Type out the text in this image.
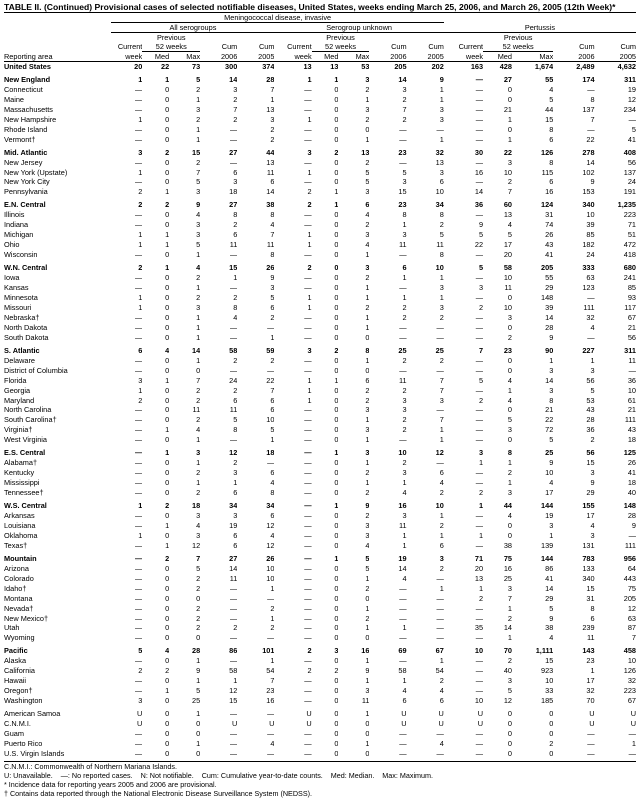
TABLE II. (Continued) Provisional cases of selected notifiable diseases, United States, weeks ending March 25, 2006, and March 26, 2005 (12th Week)*
	Meningococcal disease, invasive														
	All serogroups					Serogroup unknown					Pertussis				
		Previous					Previous					Previous			
	Current	52 weeks		Cum	Cum	Current	52 weeks		Cum	Cum	Current	52 weeks		Cum	Cum
Reporting area	week	Med	Max	2006	2005	week	Med	Max	2006	2005	week	Med	Max	2006	2005
United States	20	22	73	300	374	13	13	53	205	202	163	428	1,674	2,489	4,632

New England	1	1	5	14	28	1	1	3	14	9	—	27	55	174	311
Connecticut	—	0	2	3	7	—	0	2	3	1	—	0	4	—	19
Maine	—	0	1	2	1	—	0	1	2	1	—	0	5	8	12
Massachusetts	—	0	3	7	13	—	0	3	7	3	—	21	44	137	234
New Hampshire	1	0	2	2	3	1	0	2	2	3	—	1	15	7	—
Rhode Island	—	0	1	—	2	—	0	0	—	—	—	0	8	—	5
Vermont†	—	0	1	—	2	—	0	1	—	1	—	1	6	22	41

Mid. Atlantic	3	2	15	27	44	3	2	13	23	32	30	22	126	278	408
New Jersey	—	0	2	—	13	—	0	2	—	13	—	3	8	14	56
New York (Upstate)	1	0	7	6	11	1	0	5	5	3	16	10	115	102	137
New York City	—	0	5	3	6	—	0	5	3	6	—	2	6	9	24
Pennsylvania	2	1	3	18	14	2	1	3	15	10	14	7	16	153	191

E.N. Central	2	2	9	27	38	2	1	6	23	34	36	60	124	340	1,235
Illinois	—	0	4	8	8	—	0	4	8	8	—	13	31	10	223
Indiana	—	0	3	2	4	—	0	2	1	2	9	4	74	39	71
Michigan	1	1	3	6	7	1	0	3	3	5	5	5	26	85	51
Ohio	1	1	5	11	11	1	0	4	11	11	22	17	43	182	472
Wisconsin	—	0	1	—	8	—	0	1	—	8	—	20	41	24	418

W.N. Central	2	1	4	15	26	2	0	3	6	10	5	58	205	333	680
Iowa	—	0	2	1	9	—	0	2	1	1	—	10	55	63	241
Kansas	—	0	1	—	3	—	0	1	—	3	3	11	29	123	85
Minnesota	1	0	2	2	5	1	0	1	1	1	—	0	148	—	93
Missouri	1	0	3	8	6	1	0	2	2	3	2	10	39	111	117
Nebraska†	—	0	1	4	2	—	0	1	2	2	—	3	14	32	67
North Dakota	—	0	1	—	—	—	0	1	—	—	—	0	28	4	21
South Dakota	—	0	1	—	1	—	0	0	—	—	—	2	9	—	56

S. Atlantic	6	4	14	58	59	3	2	8	25	25	7	23	90	227	311
Delaware	—	0	1	2	2	—	0	1	2	2	—	0	1	1	11
District of Columbia	—	0	0	—	—	—	0	0	—	—	—	0	3	3	—
Florida	3	1	7	24	22	1	1	6	11	7	5	4	14	56	36
Georgia	1	0	2	2	7	1	0	2	2	7	—	1	3	5	10
Maryland	2	0	2	6	6	1	0	2	3	3	2	4	8	53	61
North Carolina	—	0	11	11	6	—	0	3	3	—	—	0	21	43	21
South Carolina†	—	0	2	5	10	—	0	1	2	7	—	5	22	28	111
Virginia†	—	1	4	8	5	—	0	3	2	1	—	3	72	36	43
West Virginia	—	0	1	—	1	—	0	1	—	1	—	0	5	2	18

E.S. Central	—	1	3	12	18	—	1	3	10	12	3	8	25	56	125
Alabama†	—	0	1	2	—	—	0	1	2	—	1	1	9	15	26
Kentucky	—	0	2	3	6	—	0	2	3	6	—	2	10	3	41
Mississippi	—	0	1	1	4	—	0	1	1	4	—	1	4	9	18
Tennessee†	—	0	2	6	8	—	0	2	4	2	2	3	17	29	40

W.S. Central	1	2	18	34	34	—	1	9	16	10	1	44	144	155	148
Arkansas	—	0	3	3	6	—	0	2	3	1	—	4	19	17	28
Louisiana	—	1	4	19	12	—	0	3	11	2	—	0	3	4	9
Oklahoma	1	0	3	6	4	—	0	3	1	1	1	0	1	3	—
Texas†	—	1	12	6	12	—	0	4	1	6	—	38	139	131	111

Mountain	—	2	7	27	26	—	1	5	19	3	71	75	144	783	956
Arizona	—	0	5	14	10	—	0	5	14	2	20	16	86	133	64
Colorado	—	0	2	11	10	—	0	1	4	—	13	25	41	340	443
Idaho†	—	0	2	—	1	—	0	2	—	1	1	3	14	15	75
Montana	—	0	0	—	—	—	0	0	—	—	2	7	29	31	205
Nevada†	—	0	2	—	2	—	0	1	—	—	—	1	5	8	12
New Mexico†	—	0	2	—	1	—	0	2	—	—	—	2	9	6	63
Utah	—	0	2	2	2	—	0	1	1	—	35	14	38	239	87
Wyoming	—	0	0	—	—	—	0	0	—	—	—	1	4	11	7

Pacific	5	4	28	86	101	2	3	16	69	67	10	70	1,111	143	458
Alaska	—	0	1	—	1	—	0	1	—	1	—	2	15	23	10
California	2	2	9	58	54	2	2	9	58	54	—	40	923	1	126
Hawaii	—	0	1	1	7	—	0	1	1	2	—	3	10	17	32
Oregon†	—	1	5	12	23	—	0	3	4	4	—	5	33	32	223
Washington	3	0	25	15	16	—	0	11	6	6	10	12	185	70	67

American Samoa	U	0	1	—	—	U	0	1	U	U	U	0	0	U	U
C.N.M.I.	U	0	0	U	U	U	0	0	U	U	U	0	0	U	U
Guam	—	0	0	—	—	—	0	0	—	—	—	0	0	—	—
Puerto Rico	—	0	1	—	4	—	0	1	—	4	—	0	2	—	1
U.S. Virgin Islands	—	0	0	—	—	—	0	0	—	—	—	0	0	—	—
C.N.M.I.: Commonwealth of Northern Mariana Islands.
U: Unavailable.    —: No reported cases.    N: Not notifiable.    Cum: Cumulative year-to-date counts.    Med: Median.    Max: Maximum.
* Incidence data for reporting years 2005 and 2006 are provisional.
† Contains data reported through the National Electronic Disease Surveillance System (NEDSS).
